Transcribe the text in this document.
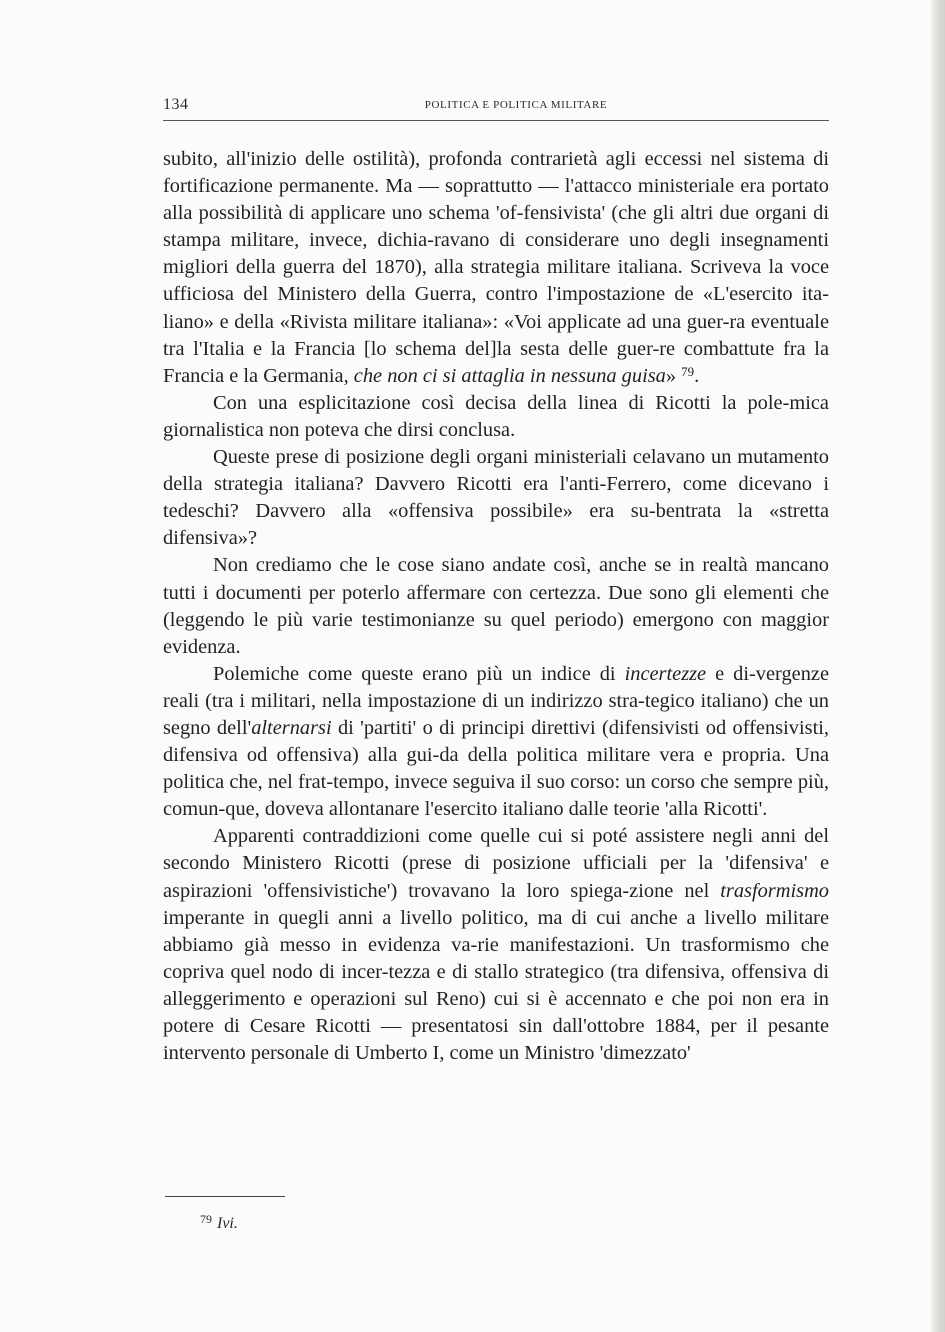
134	POLITICA E POLITICA MILITARE

subito, all'inizio delle ostilità), profonda contrarietà agli eccessi nel sistema di fortificazione permanente. Ma — soprattutto — l'attacco ministeriale era portato alla possibilità di applicare uno schema 'of-fensivista' (che gli altri due organi di stampa militare, invece, dichia-ravano di considerare uno degli insegnamenti migliori della guerra del 1870), alla strategia militare italiana. Scriveva la voce ufficiosa del Ministero della Guerra, contro l'impostazione de «L'esercito ita-liano» e della «Rivista militare italiana»: «Voi applicate ad una guer-ra eventuale tra l'Italia e la Francia [lo schema del]la sesta delle guer-re combattute fra la Francia e la Germania, che non ci si attaglia in nessuna guisa» $^{79}$.

Con una esplicitazione così decisa della linea di Ricotti la pole-mica giornalistica non poteva che dirsi conclusa.

Queste prese di posizione degli organi ministeriali celavano un mutamento della strategia italiana? Davvero Ricotti era l'anti-Ferrero, come dicevano i tedeschi? Davvero alla «offensiva possibile» era su-bentrata la «stretta difensiva»?

Non crediamo che le cose siano andate così, anche se in realtà mancano tutti i documenti per poterlo affermare con certezza. Due sono gli elementi che (leggendo le più varie testimonianze su quel periodo) emergono con maggior evidenza.

Polemiche come queste erano più un indice di incertezze e di-vergenze reali (tra i militari, nella impostazione di un indirizzo stra-tegico italiano) che un segno dell'alternarsi di 'partiti' o di principi direttivi (difensivisti od offensivisti, difensiva od offensiva) alla gui-da della politica militare vera e propria. Una politica che, nel frat-tempo, invece seguiva il suo corso: un corso che sempre più, comun-que, doveva allontanare l'esercito italiano dalle teorie 'alla Ricotti'.

Apparenti contraddizioni come quelle cui si poté assistere negli anni del secondo Ministero Ricotti (prese di posizione ufficiali per la 'difensiva' e aspirazioni 'offensivistiche') trovavano la loro spiega-zione nel trasformismo imperante in quegli anni a livello politico, ma di cui anche a livello militare abbiamo già messo in evidenza va-rie manifestazioni. Un trasformismo che copriva quel nodo di incer-tezza e di stallo strategico (tra difensiva, offensiva di alleggerimento e operazioni sul Reno) cui si è accennato e che poi non era in potere di Cesare Ricotti — presentatosi sin dall'ottobre 1884, per il pesante intervento personale di Umberto I, come un Ministro 'dimezzato'

$^{79}$ Ivi.
